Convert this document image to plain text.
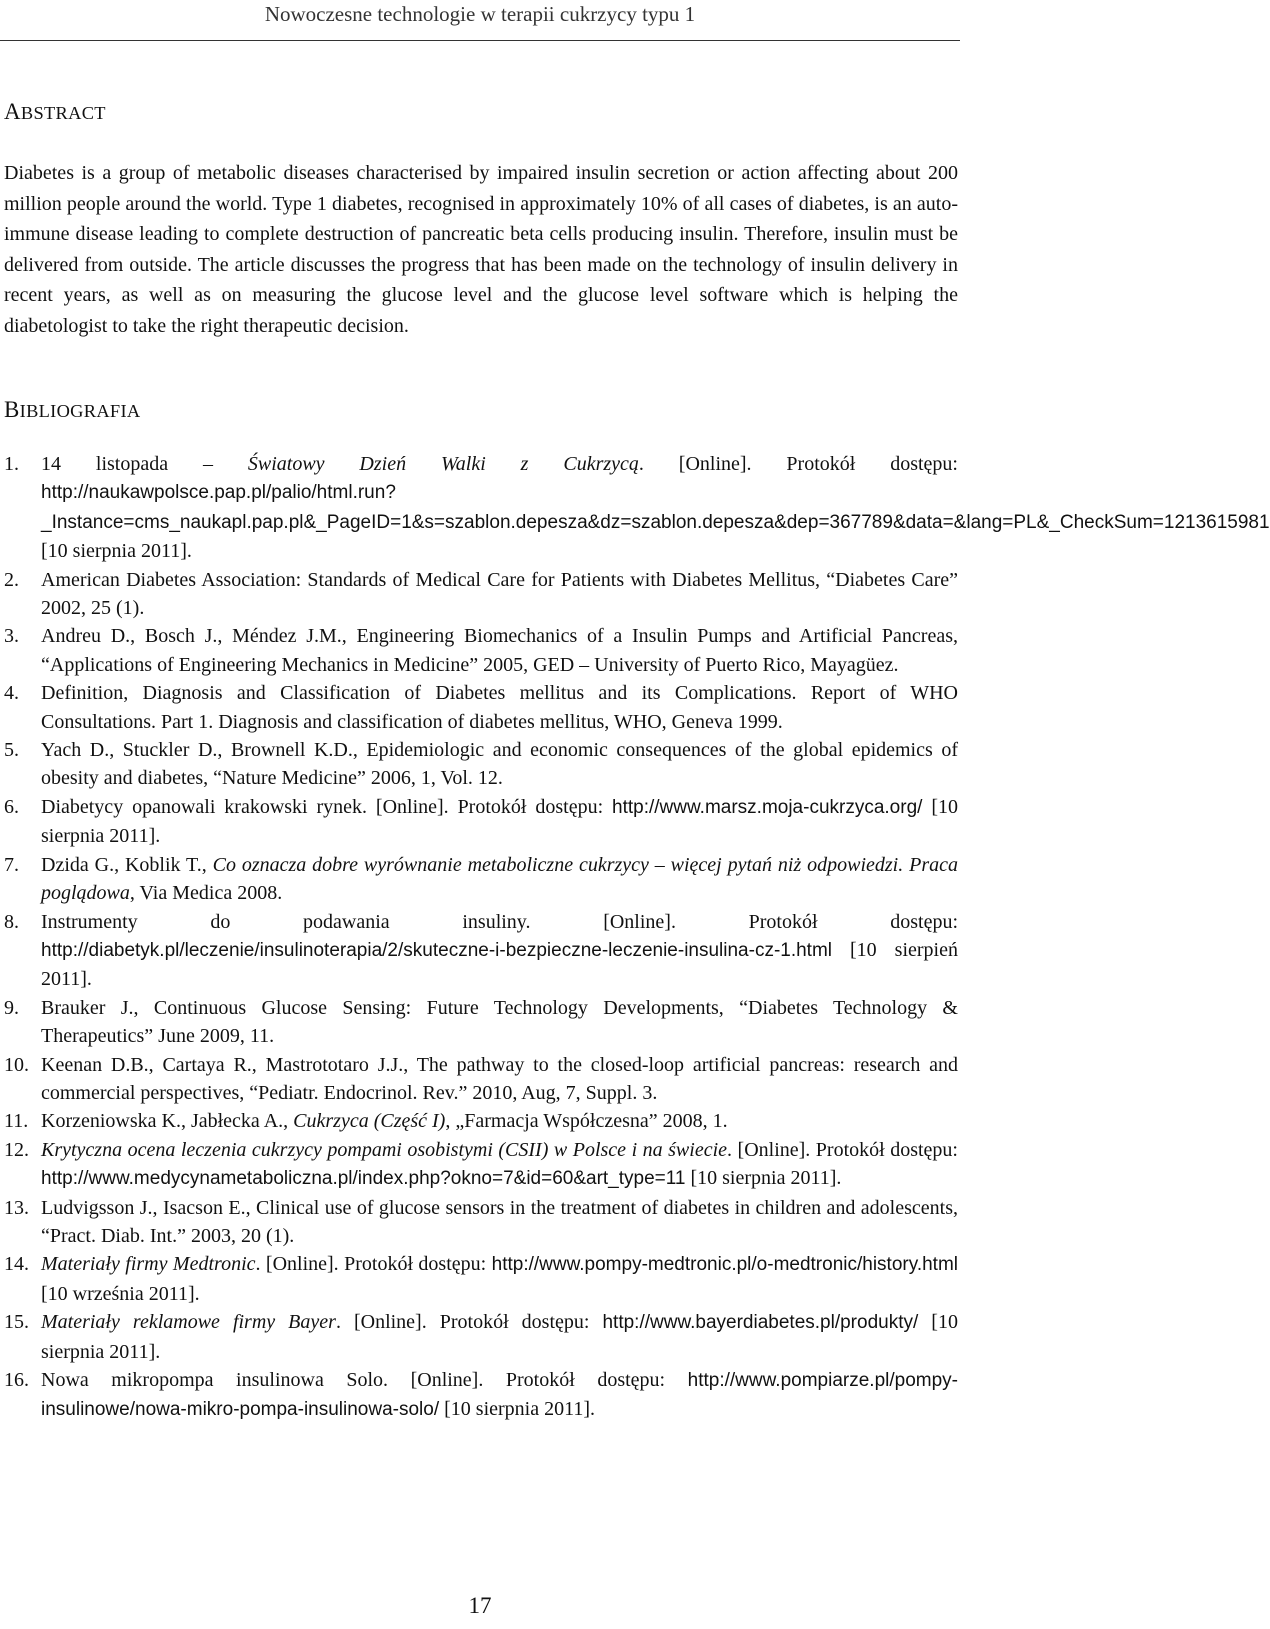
Nowoczesne technologie w terapii cukrzycy typu 1
ABSTRACT
Diabetes is a group of metabolic diseases characterised by impaired insulin secretion or action affecting about 200 million people around the world. Type 1 diabetes, recognised in approximately 10% of all cases of diabetes, is an auto-immune disease leading to complete destruction of pancreatic beta cells producing insulin. Therefore, insulin must be delivered from outside. The article discusses the progress that has been made on the technology of insulin delivery in recent years, as well as on measuring the glucose level and the glucose level software which is helping the diabetologist to take the right therapeutic decision.
BIBLIOGRAFIA
1. 14 listopada – Światowy Dzień Walki z Cukrzycą. [Online]. Protokół dostępu: http://naukawpolsce.pap.pl/palio/html.run?_Instance=cms_naukapl.pap.pl&_PageID=1&s=szablon.depesza&dz=szablon.depesza&dep=367789&data=&lang=PL&_CheckSum=1213615981 [10 sierpnia 2011].
2. American Diabetes Association: Standards of Medical Care for Patients with Diabetes Mellitus, “Diabetes Care” 2002, 25 (1).
3. Andreu D., Bosch J., Méndez J.M., Engineering Biomechanics of a Insulin Pumps and Artificial Pancreas, “Applications of Engineering Mechanics in Medicine” 2005, GED – University of Puerto Rico, Mayagüez.
4. Definition, Diagnosis and Classification of Diabetes mellitus and its Complications. Report of WHO Consultations. Part 1. Diagnosis and classification of diabetes mellitus, WHO, Geneva 1999.
5. Yach D., Stuckler D., Brownell K.D., Epidemiologic and economic consequences of the global epidemics of obesity and diabetes, “Nature Medicine” 2006, 1, Vol. 12.
6. Diabetycy opanowali krakowski rynek. [Online]. Protokół dostępu: http://www.marsz.moja-cukrzyca.org/ [10 sierpnia 2011].
7. Dzida G., Koblik T., Co oznacza dobre wyrównanie metaboliczne cukrzycy – więcej pytań niż odpowiedzi. Praca poglądowa, Via Medica 2008.
8. Instrumenty do podawania insuliny. [Online]. Protokół dostępu: http://diabetyk.pl/leczenie/insulinoterapia/2/skuteczne-i-bezpieczne-leczenie-insulina-cz-1.html [10 sierpień 2011].
9. Brauker J., Continuous Glucose Sensing: Future Technology Developments, “Diabetes Technology & Therapeutics” June 2009, 11.
10. Keenan D.B., Cartaya R., Mastrototaro J.J., The pathway to the closed-loop artificial pancreas: research and commercial perspectives, “Pediatr. Endocrinol. Rev.” 2010, Aug, 7, Suppl. 3.
11. Korzeniowska K., Jabłecka A., Cukrzyca (Część I), „Farmacja Współczesna” 2008, 1.
12. Krytyczna ocena leczenia cukrzycy pompami osobistymi (CSII) w Polsce i na świecie. [Online]. Protokół dostępu: http://www.medycynametaboliczna.pl/index.php?okno=7&id=60&art_type=11 [10 sierpnia 2011].
13. Ludvigsson J., Isacson E., Clinical use of glucose sensors in the treatment of diabetes in children and adolescents, “Pract. Diab. Int.” 2003, 20 (1).
14. Materiały firmy Medtronic. [Online]. Protokół dostępu: http://www.pompy-medtronic.pl/o-medtronic/history.html [10 września 2011].
15. Materiały reklamowe firmy Bayer. [Online]. Protokół dostępu: http://www.bayerdiabetes.pl/produkty/ [10 sierpnia 2011].
16. Nowa mikropompa insulinowa Solo. [Online]. Protokół dostępu: http://www.pompiarze.pl/pompy-insulinowe/nowa-mikro-pompa-insulinowa-solo/ [10 sierpnia 2011].
17
